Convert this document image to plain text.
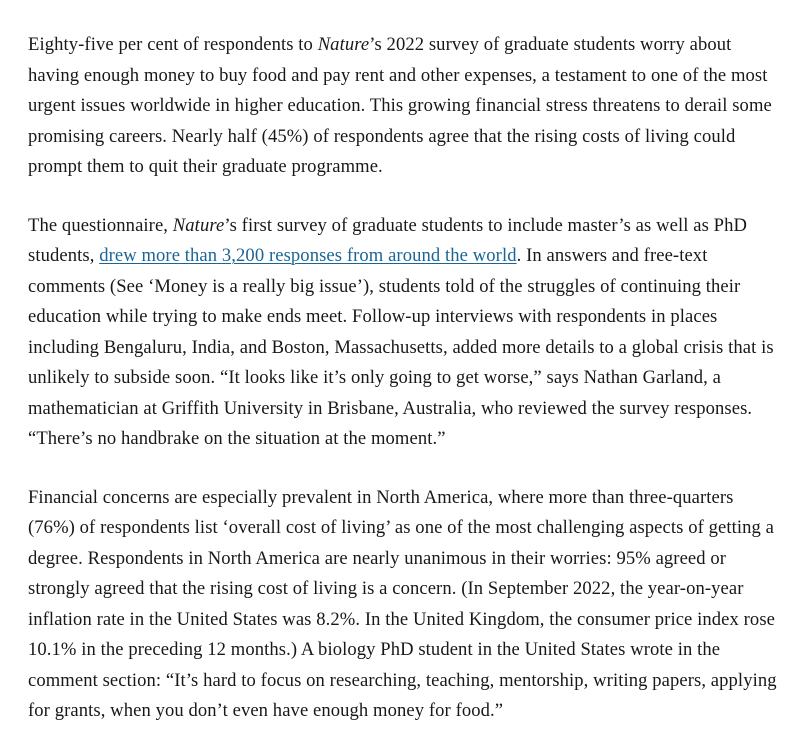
Eighty-five per cent of respondents to Nature’s 2022 survey of graduate students worry about having enough money to buy food and pay rent and other expenses, a testament to one of the most urgent issues worldwide in higher education. This growing financial stress threatens to derail some promising careers. Nearly half (45%) of respondents agree that the rising costs of living could prompt them to quit their graduate programme.

The questionnaire, Nature’s first survey of graduate students to include master’s as well as PhD students, drew more than 3,200 responses from around the world. In answers and free-text comments (See ‘Money is a really big issue’), students told of the struggles of continuing their education while trying to make ends meet. Follow-up interviews with respondents in places including Bengaluru, India, and Boston, Massachusetts, added more details to a global crisis that is unlikely to subside soon. “It looks like it’s only going to get worse,” says Nathan Garland, a mathematician at Griffith University in Brisbane, Australia, who reviewed the survey responses. “There’s no handbrake on the situation at the moment.”

Financial concerns are especially prevalent in North America, where more than three-quarters (76%) of respondents list ‘overall cost of living’ as one of the most challenging aspects of getting a degree. Respondents in North America are nearly unanimous in their worries: 95% agreed or strongly agreed that the rising cost of living is a concern. (In September 2022, the year-on-year inflation rate in the United States was 8.2%. In the United Kingdom, the consumer price index rose 10.1% in the preceding 12 months.) A biology PhD student in the United States wrote in the comment section: “It’s hard to focus on researching, teaching, mentorship, writing papers, applying for grants, when you don’t even have enough money for food.”
